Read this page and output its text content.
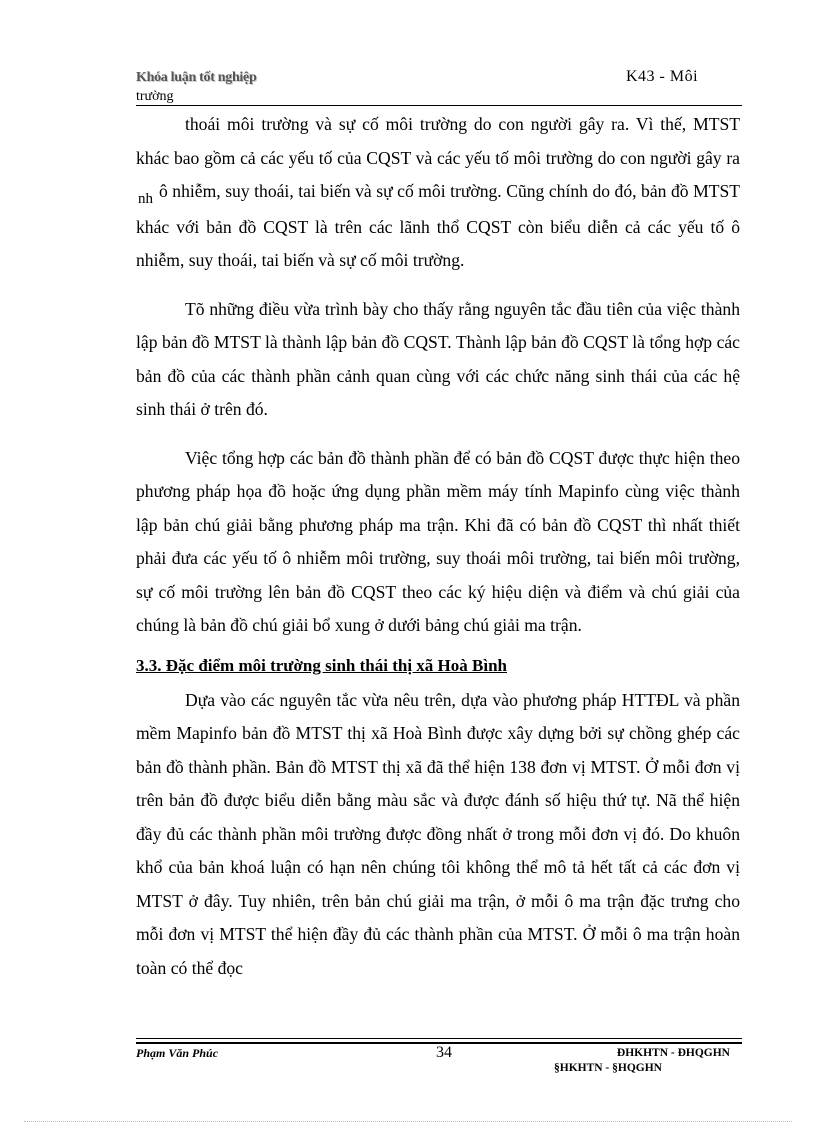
Khóa luận tốt nghiệp
trường
K43 - Môi

thoái môi trường và sự cố môi trường do con người gây ra. Vì thế, MTST khác bao gồm cả các yếu tố của CQST và các yếu tố môi trường do con người gây ra nh ô nhiễm, suy thoái, tai biến và sự cố môi trường. Cũng chính do đó, bản đồ MTST khác với bản đồ CQST là trên các lãnh thổ CQST còn biểu diễn cả các yếu tố ô nhiễm, suy thoái, tai biến và sự cố môi trường.

Tõ những điều vừa trình bày cho thấy rằng nguyên tắc đầu tiên của việc thành lập bản đồ MTST là thành lập bản đồ CQST. Thành lập bản đồ CQST là tổng hợp các bản đồ của các thành phần cảnh quan cùng với các chức năng sinh thái của các hệ sinh thái ở trên đó.

Việc tổng hợp các bản đồ thành phần để có bản đồ CQST được thực hiện theo phương pháp họa đồ hoặc ứng dụng phần mềm máy tính Mapinfo cùng việc thành lập bản chú giải bằng phương pháp ma trận. Khi đã có bản đồ CQST thì nhất thiết phải đưa các yếu tố ô nhiễm môi trường, suy thoái môi trường, tai biến môi trường, sự cố môi trường lên bản đồ CQST theo các ký hiệu diện và điểm và chú giải của chúng là bản đồ chú giải bổ xung ở dưới bảng chú giải ma trận.

3.3. Đặc điểm môi trường sinh thái thị xã Hoà Bình

Dựa vào các nguyên tắc vừa nêu trên, dựa vào phương pháp HTTĐL và phần mềm Mapinfo bản đồ MTST thị xã Hoà Bình được xây dựng bởi sự chồng ghép các bản đồ thành phần. Bản đồ MTST thị xã đã thể hiện 138 đơn vị MTST. Ở mỗi đơn vị trên bản đồ được biểu diễn bằng màu sắc và được đánh số hiệu thứ tự. Nã thể hiện đầy đủ các thành phần môi trường được đồng nhất ở trong mỗi đơn vị đó. Do khuôn khổ của bản khoá luận có hạn nên chúng tôi không thể mô tả hết tất cả các đơn vị MTST ở đây. Tuy nhiên, trên bản chú giải ma trận, ở mỗi ô ma trận đặc trưng cho mỗi đơn vị MTST thể hiện đầy đủ các thành phần của MTST. Ở mỗi ô ma trận hoàn toàn có thể đọc

Phạm Văn Phúc	34	ĐHKHTN - ĐHQGHN
§HKHTN - §HQGHN
